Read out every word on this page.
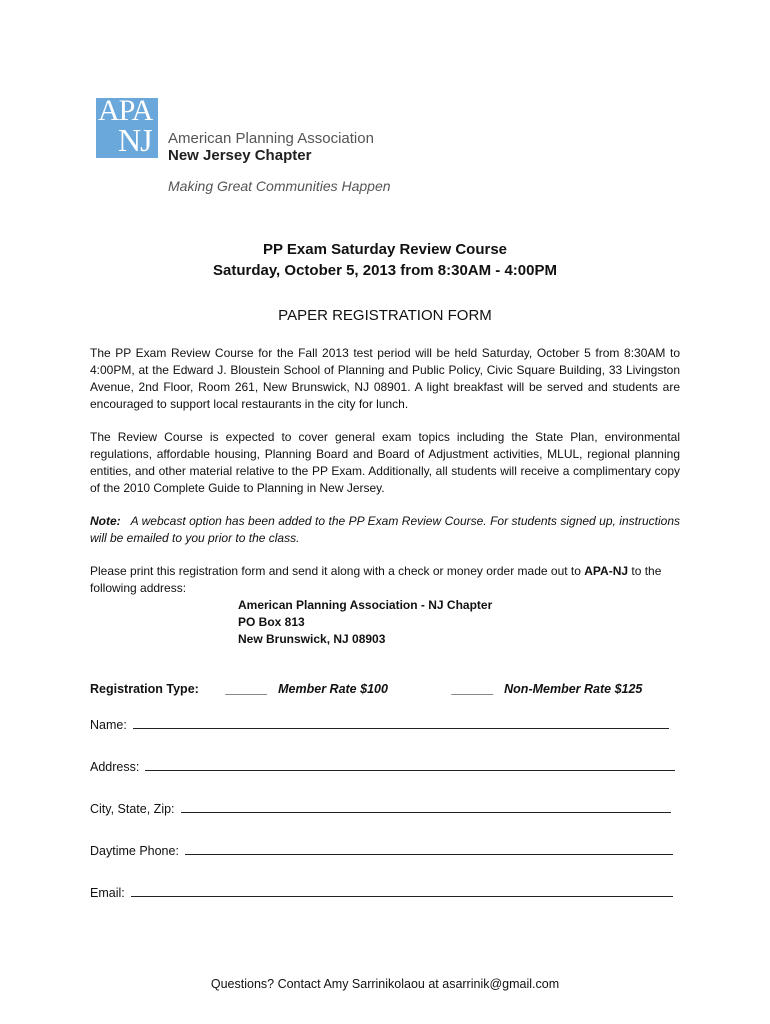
APA
NJ American Planning Association
New Jersey Chapter
Making Great Communities Happen
PP Exam Saturday Review Course
Saturday, October 5, 2013 from 8:30AM - 4:00PM
PAPER REGISTRATION FORM
The PP Exam Review Course for the Fall 2013 test period will be held Saturday, October 5 from 8:30AM to 4:00PM, at the Edward J. Bloustein School of Planning and Public Policy, Civic Square Building, 33 Livingston Avenue, 2nd Floor, Room 261, New Brunswick, NJ 08901. A light breakfast will be served and students are encouraged to support local restaurants in the city for lunch.
The Review Course is expected to cover general exam topics including the State Plan, environmental regulations, affordable housing, Planning Board and Board of Adjustment activities, MLUL, regional planning entities, and other material relative to the PP Exam. Additionally, all students will receive a complimentary copy of the 2010 Complete Guide to Planning in New Jersey.
Note: A webcast option has been added to the PP Exam Review Course. For students signed up, instructions will be emailed to you prior to the class.
Please print this registration form and send it along with a check or money order made out to APA-NJ to the following address:
American Planning Association - NJ Chapter
PO Box 813
New Brunswick, NJ 08903
Registration Type: ______ Member Rate $100	______ Non-Member Rate $125
Name:
Address:
City, State, Zip:
Daytime Phone:
Email:
Questions? Contact Amy Sarrinikolaou at asarrinik@gmail.com
